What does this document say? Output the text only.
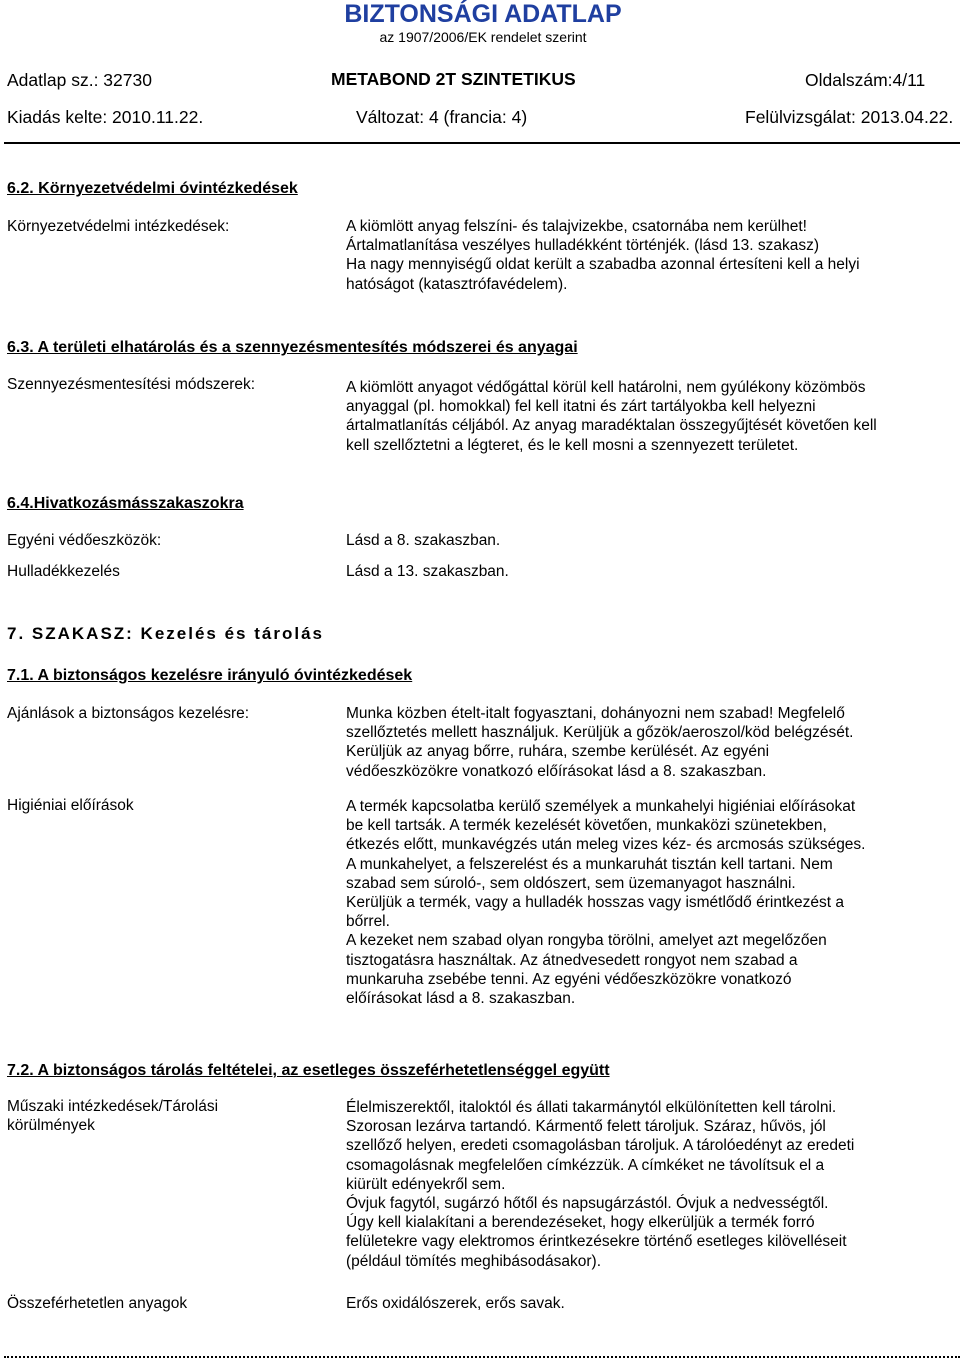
BIZTONSÁGI ADATLAP
az 1907/2006/EK rendelet szerint
Adatlap sz.: 32730	METABOND 2T SZINTETIKUS	Oldalszám:4/11
Kiadás kelte: 2010.11.22.	Változat: 4 (francia: 4)	Felülvizsgálat: 2013.04.22.
6.2. Környezetvédelmi óvintézkedések
Környezetvédelmi intézkedések:	A kiömlött anyag felszíni- és talajvizekbe, csatornába nem kerülhet!

Ártalmatlanítása veszélyes hulladékként történjék. (lásd 13. szakasz)

Ha nagy mennyiségű oldat került a szabadba azonnal értesíteni kell a helyi

hatóságot (katasztrófavédelem).

6.3. A területi elhatárolás és a szennyezésmentesítés módszerei és anyagai
Szennyezésmentesítési módszerek:	A kiömlött anyagot védőgáttal körül kell határolni, nem gyúlékony közömbös

anyaggal (pl. homokkal) fel kell itatni és zárt tartályokba kell helyezni

ártalmatlanítás céljából. Az anyag maradéktalan összegyűjtését követően kell

kell szellőztetni a légteret, és le kell mosni a szennyezett területet.

6.4.Hivatkozásmásszakaszokra
Egyéni védőeszközök:	Lásd a 8. szakaszban.
Hulladékkezelés	Lásd a 13. szakaszban.
7. SZAKASZ: Kezelés és tárolás
7.1. A biztonságos kezelésre irányuló óvintézkedések
Ajánlások a biztonságos kezelésre:	Munka közben ételt-italt fogyasztani, dohányozni nem szabad! Megfelelő

szellőztetés mellett használjuk. Kerüljük a gőzök/aeroszol/köd belégzését.

Kerüljük az anyag bőrre, ruhára, szembe kerülését. Az egyéni

védőeszközökre vonatkozó előírásokat lásd a 8. szakaszban.

Higiéniai előírások	A termék kapcsolatba kerülő személyek a munkahelyi higiéniai előírásokat

be kell tartsák. A termék kezelését követően, munkaközi szünetekben,

étkezés előtt, munkavégzés után meleg vizes kéz- és arcmosás szükséges.

A munkahelyet, a felszerelést és a munkaruhát tisztán kell tartani. Nem

szabad sem súroló-, sem oldószert, sem üzemanyagot használni.

Kerüljük a termék, vagy a hulladék hosszas vagy ismétlődő érintkezést a

bőrrel.

A kezeket nem szabad olyan rongyba törölni, amelyet azt megelőzően

tisztogatásra használtak. Az átnedvesedett rongyot nem szabad a

munkaruha zsebébe tenni. Az egyéni védőeszközökre vonatkozó

előírásokat lásd a 8. szakaszban.

7.2. A biztonságos tárolás feltételei, az esetleges összeférhetetlenséggel együtt
Műszaki intézkedések/Tárolási
körülmények

Élelmiszerektől, italoktól és állati takarmánytól elkülönítetten kell tárolni.

Szorosan lezárva tartandó. Kármentő felett tároljuk. Száraz, hűvös, jól

szellőző helyen, eredeti csomagolásban tároljuk. A tárolóedényt az eredeti

csomagolásnak megfelelően címkézzük. A címkéket ne távolítsuk el a

kiürült edényekről sem.

Óvjuk fagytól, sugárzó hőtől és napsugárzástól. Óvjuk a nedvességtől.

Úgy kell kialakítani a berendezéseket, hogy elkerüljük a termék forró

felületekre vagy elektromos érintkezésekre történő esetleges kilövelléseit

(például tömítés meghibásodásakor).

Összeférhetetlen anyagok	Erős oxidálószerek, erős savak.
